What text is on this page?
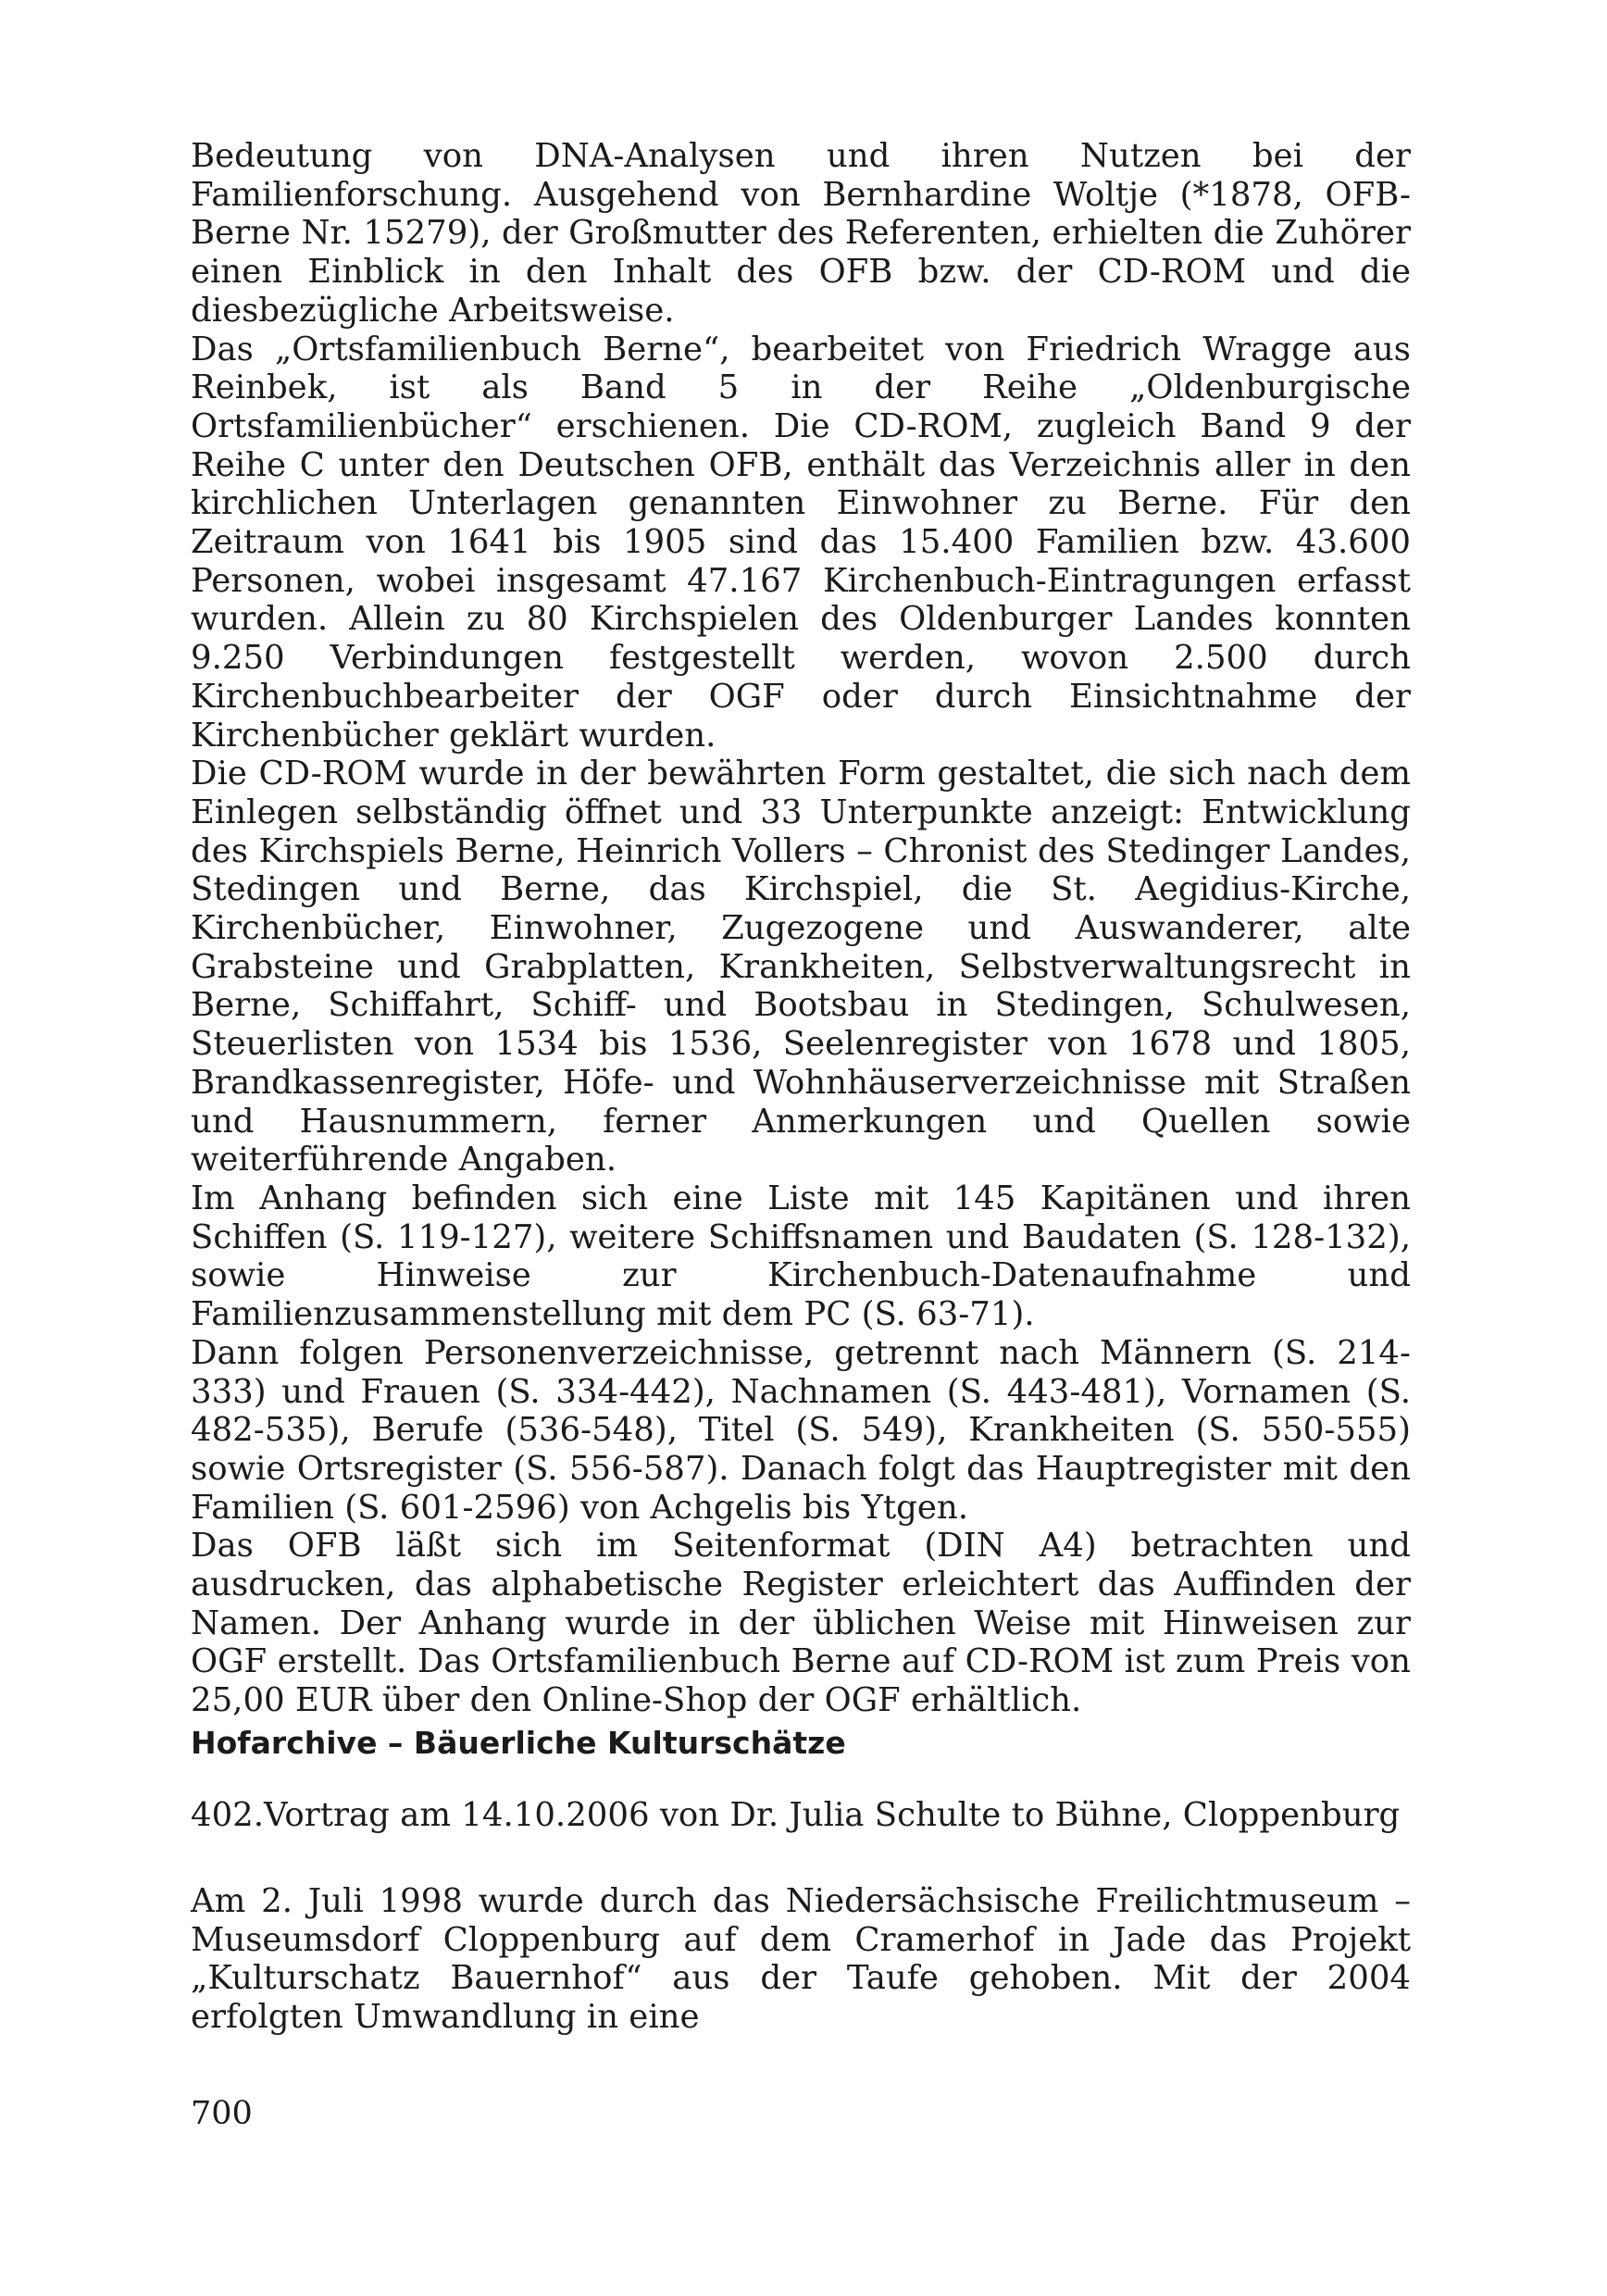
Bedeutung von DNA-Analysen und ihren Nutzen bei der Familienforschung. Ausgehend von Bernhardine Woltje (*1878, OFB-Berne Nr. 15279), der Großmutter des Referenten, erhielten die Zuhörer einen Einblick in den Inhalt des OFB bzw. der CD-ROM und die diesbezügliche Arbeitsweise.

Das „Ortsfamilienbuch Berne“, bearbeitet von Friedrich Wragge aus Reinbek, ist als Band 5 in der Reihe „Oldenburgische Ortsfamilienbücher“ erschienen. Die CD-ROM, zugleich Band 9 der Reihe C unter den Deutschen OFB, enthält das Verzeichnis aller in den kirchlichen Unterlagen genannten Einwohner zu Berne. Für den Zeitraum von 1641 bis 1905 sind das 15.400 Familien bzw. 43.600 Personen, wobei insgesamt 47.167 Kirchenbuch-Eintragungen erfasst wurden. Allein zu 80 Kirchspielen des Oldenburger Landes konnten 9.250 Verbindungen festgestellt werden, wovon 2.500 durch Kirchenbuchbearbeiter der OGF oder durch Einsichtnahme der Kirchenbücher geklärt wurden.

Die CD-ROM wurde in der bewährten Form gestaltet, die sich nach dem Einlegen selbständig öffnet und 33 Unterpunkte anzeigt: Entwicklung des Kirchspiels Berne, Heinrich Vollers – Chronist des Stedinger Landes, Stedingen und Berne, das Kirchspiel, die St. Aegidius-Kirche, Kirchenbücher, Einwohner, Zugezogene und Auswanderer, alte Grabsteine und Grabplatten, Krankheiten, Selbstverwaltungsrecht in Berne, Schiffahrt, Schiff- und Bootsbau in Stedingen, Schulwesen, Steuerlisten von 1534 bis 1536, Seelenregister von 1678 und 1805, Brandkassenregister, Höfe- und Wohnhäuserverzeichnisse mit Straßen und Hausnummern, ferner Anmerkungen und Quellen sowie weiterführende Angaben.

Im Anhang befinden sich eine Liste mit 145 Kapitänen und ihren Schiffen (S. 119-127), weitere Schiffsnamen und Baudaten (S. 128-132), sowie Hinweise zur Kirchenbuch-Datenaufnahme und Familienzusammenstellung mit dem PC (S. 63-71).

Dann folgen Personenverzeichnisse, getrennt nach Männern (S. 214-333) und Frauen (S. 334-442), Nachnamen (S. 443-481), Vornamen (S. 482-535), Berufe (536-548), Titel (S. 549), Krankheiten (S. 550-555) sowie Ortsregister (S. 556-587). Danach folgt das Hauptregister mit den Familien (S. 601-2596) von Achgelis bis Ytgen.

Das OFB läßt sich im Seitenformat (DIN A4) betrachten und ausdrucken, das alphabetische Register erleichtert das Auffinden der Namen. Der Anhang wurde in der üblichen Weise mit Hinweisen zur OGF erstellt. Das Ortsfamilienbuch Berne auf CD-ROM ist zum Preis von 25,00 EUR über den Online-Shop der OGF erhältlich.

Hofarchive – Bäuerliche Kulturschätze

402.Vortrag am 14.10.2006 von Dr. Julia Schulte to Bühne, Cloppenburg

Am 2. Juli 1998 wurde durch das Niedersächsische Freilichtmuseum – Museumsdorf Cloppenburg auf dem Cramerhof in Jade das Projekt „Kulturschatz Bauernhof“ aus der Taufe gehoben. Mit der 2004 erfolgten Umwandlung in eine

700
